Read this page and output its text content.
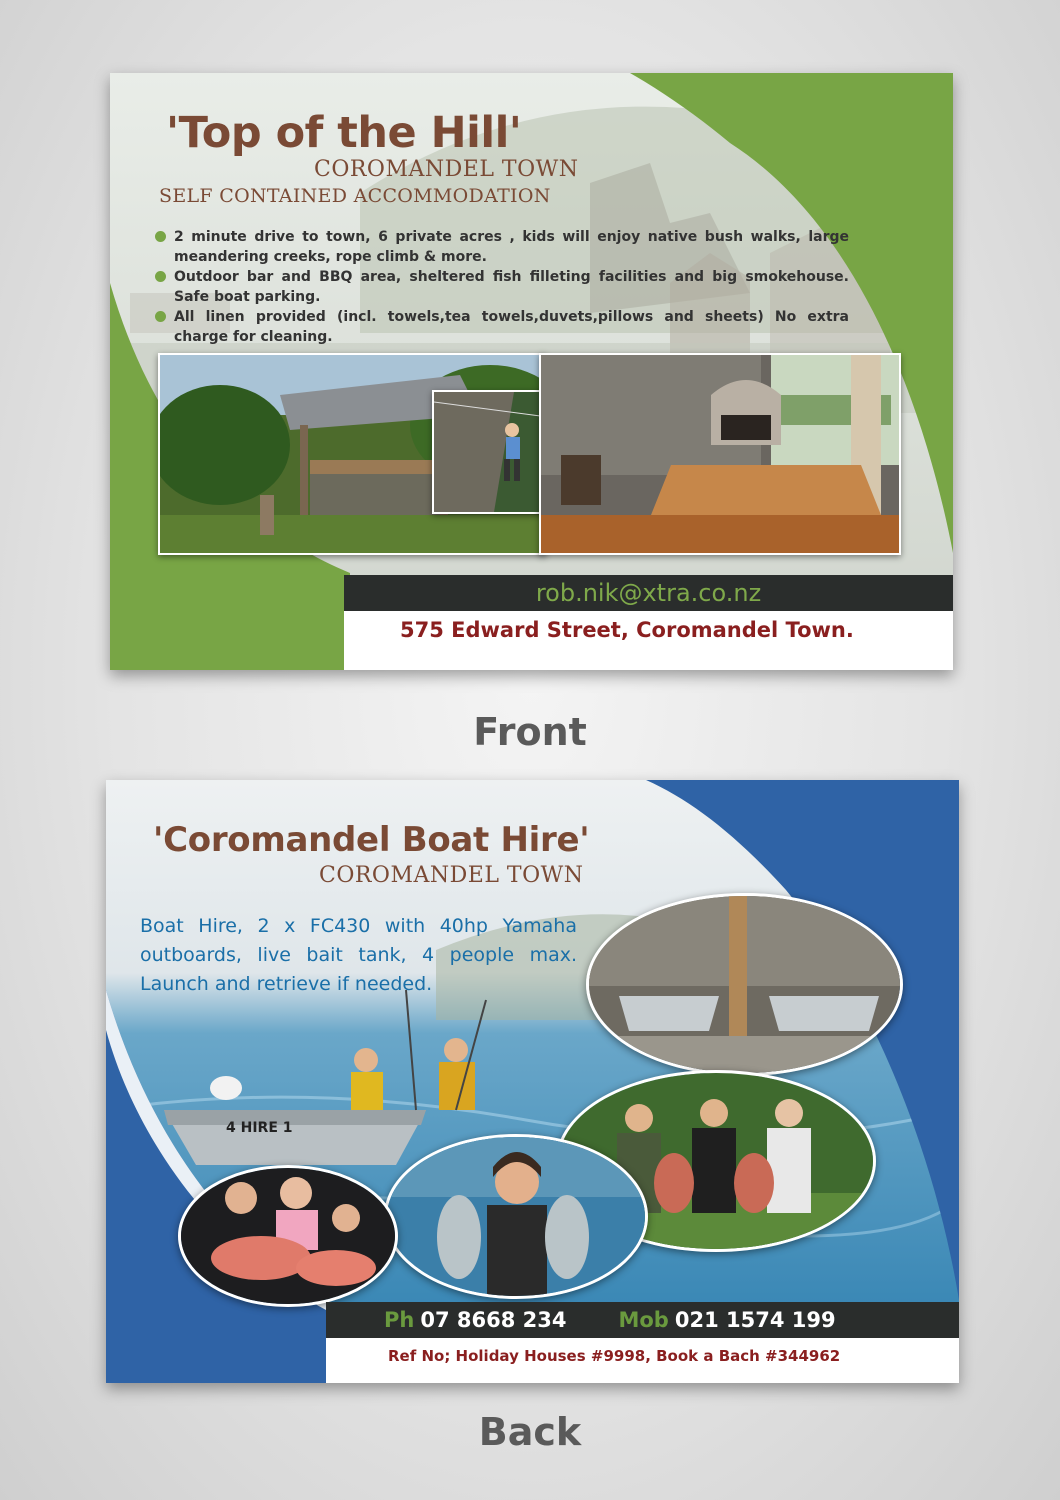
'Top of the Hill'
COROMANDEL TOWN
SELF CONTAINED ACCOMMODATION
2 minute drive to town, 6 private acres , kids will enjoy native bush walks, large meandering creeks, rope climb & more.
Outdoor bar and BBQ area, sheltered fish filleting facilities and big smokehouse. Safe boat parking.
All linen provided (incl. towels,tea towels,duvets,pillows and sheets) No extra charge for cleaning.
rob.nik@xtra.co.nz
575 Edward Street, Coromandel Town.
Front
4 HIRE 1
'Coromandel Boat Hire'
COROMANDEL TOWN
Boat Hire, 2 x FC430 with 40hp Yamaha outboards, live bait tank, 4 people max. Launch and retrieve if needed.
Ph 07 8668 234 Mob 021 1574 199
Ref No; Holiday Houses #9998, Book a Bach #344962
Back
